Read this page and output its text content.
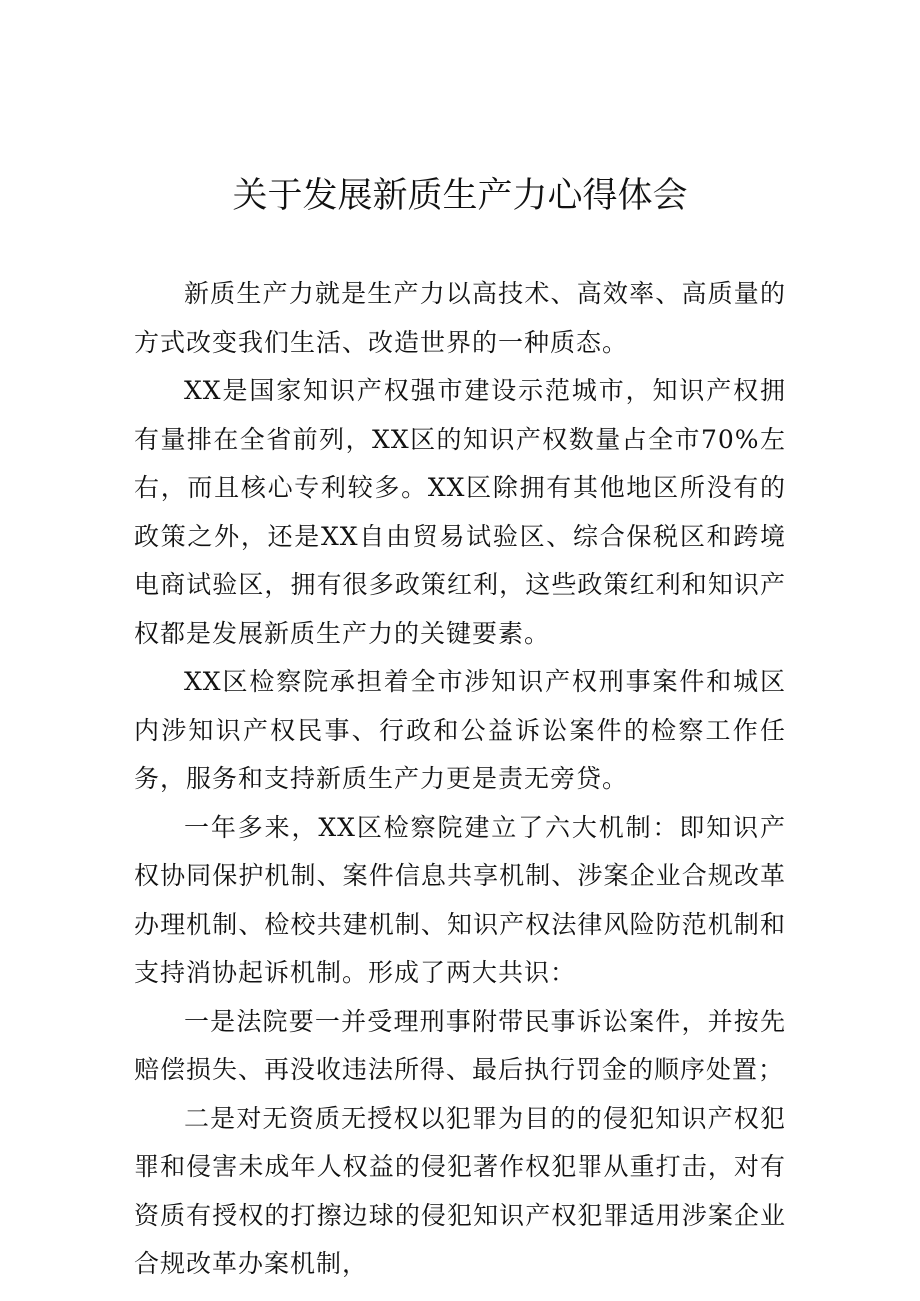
关于发展新质生产力心得体会

新质生产力就是生产力以高技术、高效率、高质量的方式改变我们生活、改造世界的一种质态。

XX是国家知识产权强市建设示范城市，知识产权拥有量排在全省前列，XX区的知识产权数量占全市70%左右，而且核心专利较多。XX区除拥有其他地区所没有的政策之外，还是XX自由贸易试验区、综合保税区和跨境电商试验区，拥有很多政策红利，这些政策红利和知识产权都是发展新质生产力的关键要素。

XX区检察院承担着全市涉知识产权刑事案件和城区内涉知识产权民事、行政和公益诉讼案件的检察工作任务，服务和支持新质生产力更是责无旁贷。

一年多来，XX区检察院建立了六大机制：即知识产权协同保护机制、案件信息共享机制、涉案企业合规改革办理机制、检校共建机制、知识产权法律风险防范机制和支持消协起诉机制。形成了两大共识：

一是法院要一并受理刑事附带民事诉讼案件，并按先赔偿损失、再没收违法所得、最后执行罚金的顺序处置；

二是对无资质无授权以犯罪为目的的侵犯知识产权犯罪和侵害未成年人权益的侵犯著作权犯罪从重打击，对有资质有授权的打擦边球的侵犯知识产权犯罪适用涉案企业合规改革办案机制，
